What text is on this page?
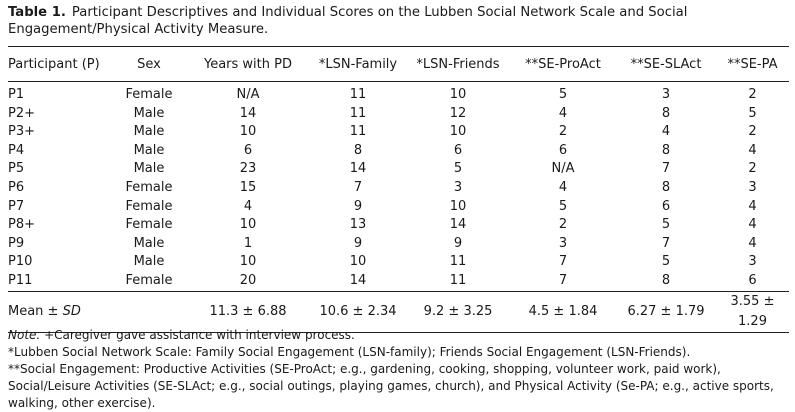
Table 1. Participant Descriptives and Individual Scores on the Lubben Social Network Scale and Social Engagement/Physical Activity Measure.
Participant (P)	Sex	Years with PD	*LSN-Family	*LSN-Friends	**SE-ProAct	**SE-SLAct	**SE-PA
P1	Female	N/A	11	10	5	3	2
P2+	Male	14	11	12	4	8	5
P3+	Male	10	11	10	2	4	2
P4	Male	6	8	6	6	8	4
P5	Male	23	14	5	N/A	7	2
P6	Female	15	7	3	4	8	3
P7	Female	4	9	10	5	6	4
P8+	Female	10	13	14	2	5	4
P9	Male	1	9	9	3	7	4
P10	Male	10	10	11	7	5	3
P11	Female	20	14	11	7	8	6
Mean ± SD		11.3 ± 6.88	10.6 ± 2.34	9.2 ± 3.25	4.5 ± 1.84	6.27 ± 1.79	3.55 ± 1.29

Note. +Caregiver gave assistance with interview process.

*Lubben Social Network Scale: Family Social Engagement (LSN-family); Friends Social Engagement (LSN-Friends).

**Social Engagement: Productive Activities (SE-ProAct; e.g., gardening, cooking, shopping, volunteer work, paid work), Social/Leisure Activities (SE-SLAct; e.g., social outings, playing games, church), and Physical Activity (Se-PA; e.g., active sports, walking, other exercise).
